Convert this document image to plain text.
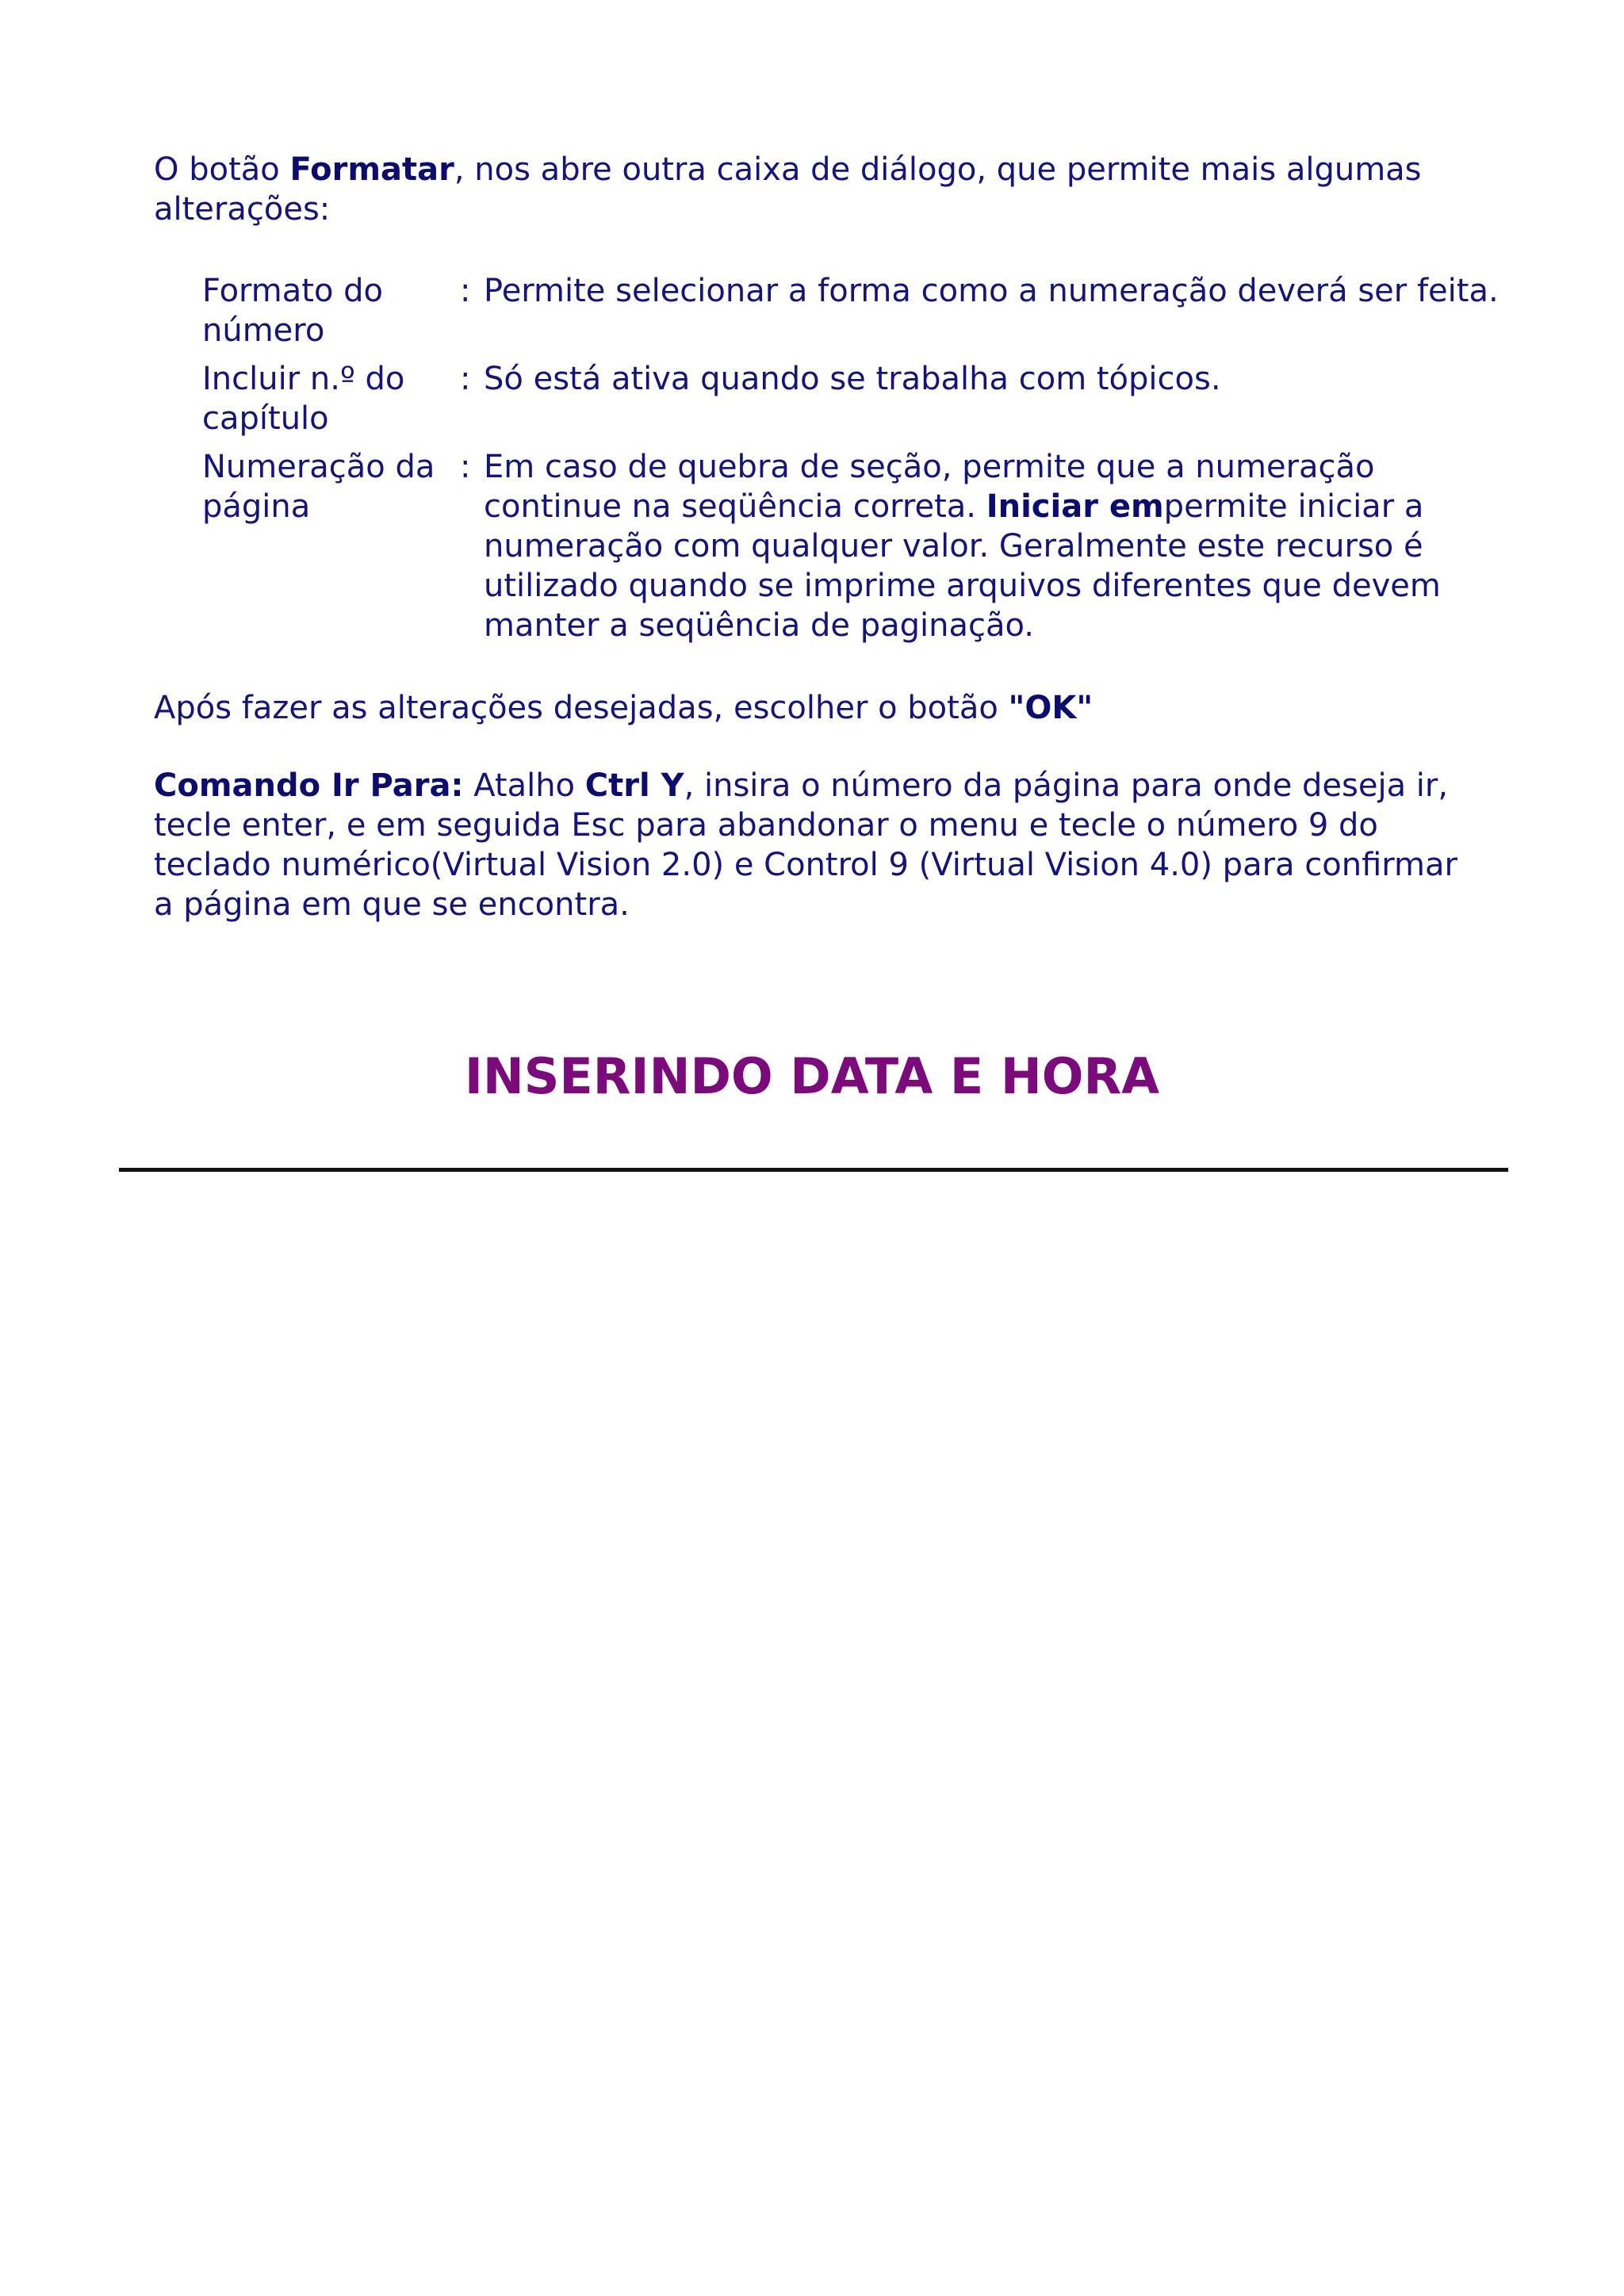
O botão Formatar, nos abre outra caixa de diálogo, que permite mais algumas alterações:

Formato do número
: Permite selecionar a forma como a numeração deverá ser feita.
Incluir n.º do capítulo
: Só está ativa quando se trabalha com tópicos.
Numeração da página
: Em caso de quebra de seção, permite que a numeração continue na seqüência correta. Iniciar empermite iniciar a numeração com qualquer valor. Geralmente este recurso é utilizado quando se imprime arquivos diferentes que devem manter a seqüência de paginação.

Após fazer as alterações desejadas, escolher o botão "OK"

Comando Ir Para: Atalho Ctrl Y, insira o número da página para onde deseja ir, tecle enter, e em seguida Esc para abandonar o menu e tecle o número 9 do teclado numérico(Virtual Vision 2.0) e Control 9 (Virtual Vision 4.0) para confirmar a página em que se encontra.

INSERINDO DATA E HORA
